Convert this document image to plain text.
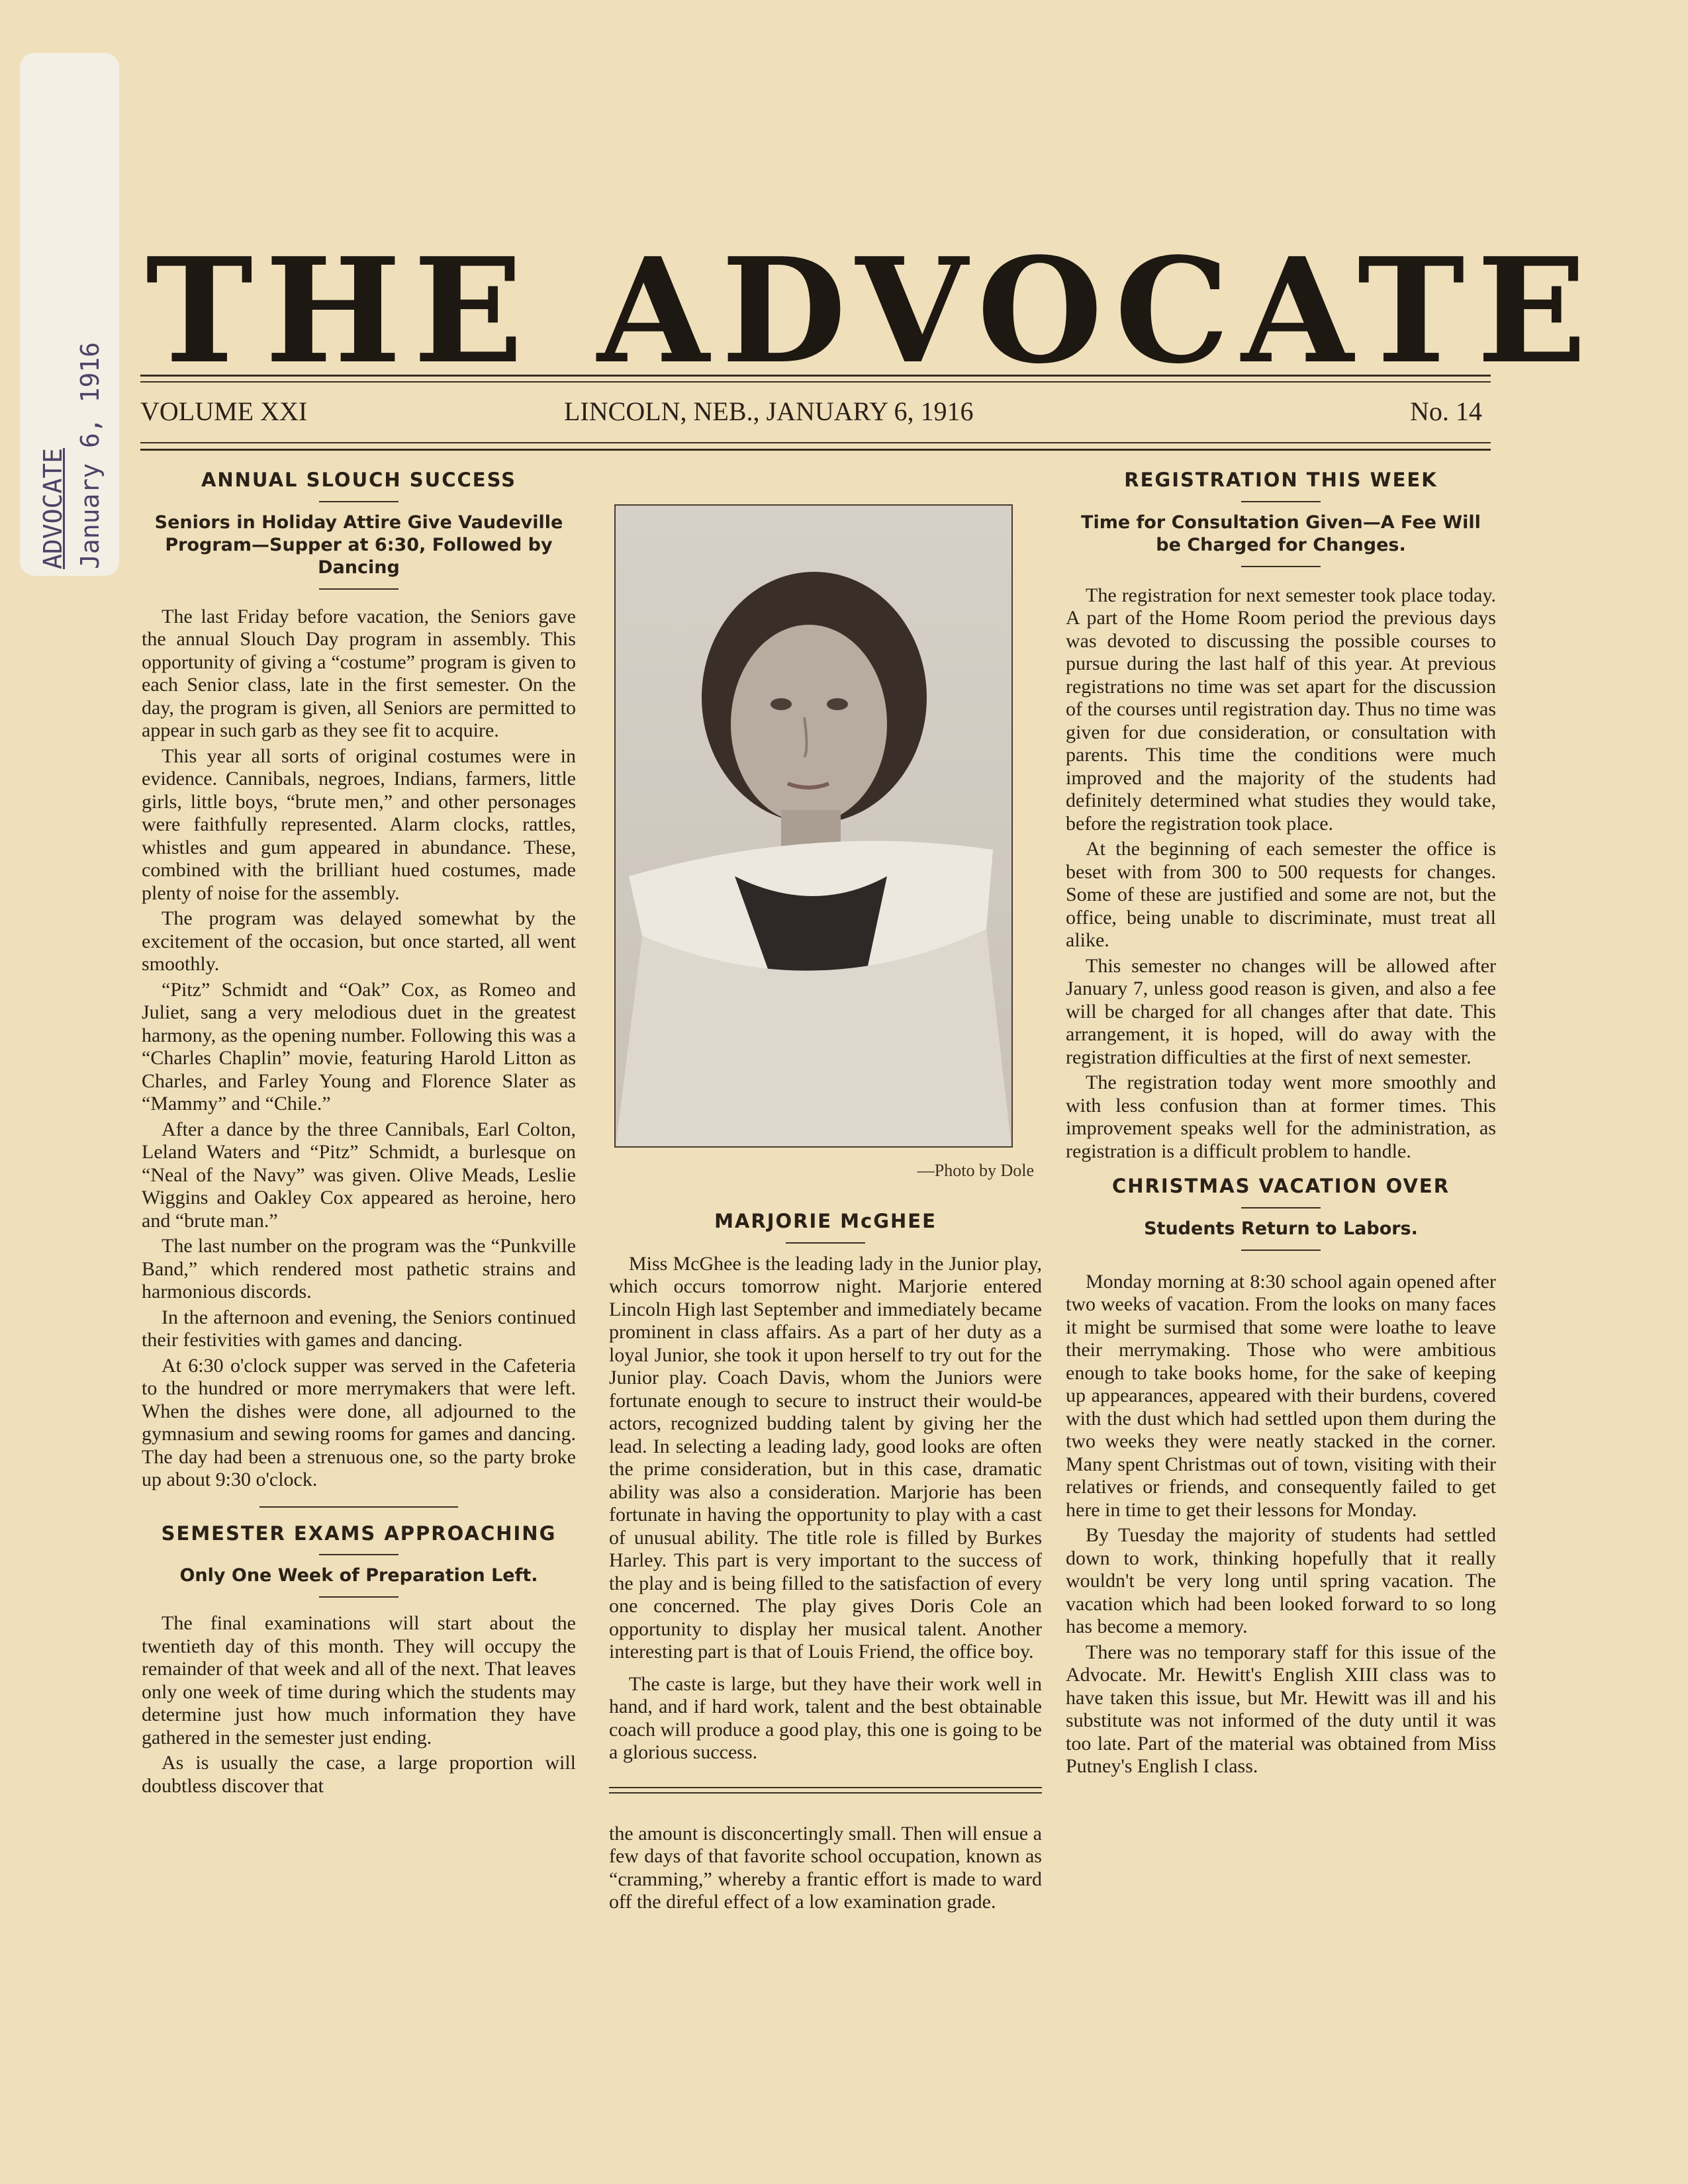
ADVOCATE January 6, 1916
THE ADVOCATE
VOLUME XXI	LINCOLN, NEB., JANUARY 6, 1916	No. 14
ANNUAL SLOUCH SUCCESS
Seniors in Holiday Attire Give Vaudeville Program—Supper at 6:30, Followed by Dancing

The last Friday before vacation, the Seniors gave the annual Slouch Day program in assembly. This opportunity of giving a “costume” program is given to each Senior class, late in the first semester. On the day, the program is given, all Seniors are permitted to appear in such garb as they see fit to acquire.

This year all sorts of original costumes were in evidence. Cannibals, negroes, Indians, farmers, little girls, little boys, “brute men,” and other personages were faithfully represented. Alarm clocks, rattles, whistles and gum appeared in abundance. These, combined with the brilliant hued costumes, made plenty of noise for the assembly.

The program was delayed somewhat by the excitement of the occasion, but once started, all went smoothly.

“Pitz” Schmidt and “Oak” Cox, as Romeo and Juliet, sang a very melodious duet in the greatest harmony, as the opening number. Following this was a “Charles Chaplin” movie, featuring Harold Litton as Charles, and Farley Young and Florence Slater as “Mammy” and “Chile.”

After a dance by the three Cannibals, Earl Colton, Leland Waters and “Pitz” Schmidt, a burlesque on “Neal of the Navy” was given. Olive Meads, Leslie Wiggins and Oakley Cox appeared as heroine, hero and “brute man.”

The last number on the program was the “Punkville Band,” which rendered most pathetic strains and harmonious discords.

In the afternoon and evening, the Seniors continued their festivities with games and dancing.

At 6:30 o'clock supper was served in the Cafeteria to the hundred or more merrymakers that were left. When the dishes were done, all adjourned to the gymnasium and sewing rooms for games and dancing. The day had been a strenuous one, so the party broke up about 9:30 o'clock.

SEMESTER EXAMS APPROACHING
Only One Week of Preparation Left.

The final examinations will start about the twentieth day of this month. They will occupy the remainder of that week and all of the next. That leaves only one week of time during which the students may determine just how much information they have gathered in the semester just ending.

As is usually the case, a large proportion will doubtless discover that

—Photo by Dole
MARJORIE McGHEE

Miss McGhee is the leading lady in the Junior play, which occurs tomorrow night. Marjorie entered Lincoln High last September and immediately became prominent in class affairs. As a part of her duty as a loyal Junior, she took it upon herself to try out for the Junior play. Coach Davis, whom the Juniors were fortunate enough to secure to instruct their would-be actors, recognized budding talent by giving her the lead. In selecting a leading lady, good looks are often the prime consideration, but in this case, dramatic ability was also a consideration. Marjorie has been fortunate in having the opportunity to play with a cast of unusual ability. The title role is filled by Burkes Harley. This part is very important to the success of the play and is being filled to the satisfaction of every one concerned. The play gives Doris Cole an opportunity to display her musical talent. Another interesting part is that of Louis Friend, the office boy.

The caste is large, but they have their work well in hand, and if hard work, talent and the best obtainable coach will produce a good play, this one is going to be a glorious success.

the amount is disconcertingly small. Then will ensue a few days of that favorite school occupation, known as “cramming,” whereby a frantic effort is made to ward off the direful effect of a low examination grade.

REGISTRATION THIS WEEK
Time for Consultation Given—A Fee Will be Charged for Changes.

The registration for next semester took place today. A part of the Home Room period the previous days was devoted to discussing the possible courses to pursue during the last half of this year. At previous registrations no time was set apart for the discussion of the courses until registration day. Thus no time was given for due consideration, or consultation with parents. This time the conditions were much improved and the majority of the students had definitely determined what studies they would take, before the registration took place.

At the beginning of each semester the office is beset with from 300 to 500 requests for changes. Some of these are justified and some are not, but the office, being unable to discriminate, must treat all alike.

This semester no changes will be allowed after January 7, unless good reason is given, and also a fee will be charged for all changes after that date. This arrangement, it is hoped, will do away with the registration difficulties at the first of next semester.

The registration today went more smoothly and with less confusion than at former times. This improvement speaks well for the administration, as registration is a difficult problem to handle.

CHRISTMAS VACATION OVER
Students Return to Labors.

Monday morning at 8:30 school again opened after two weeks of vacation. From the looks on many faces it might be surmised that some were loathe to leave their merrymaking. Those who were ambitious enough to take books home, for the sake of keeping up appearances, appeared with their burdens, covered with the dust which had settled upon them during the two weeks they were neatly stacked in the corner. Many spent Christmas out of town, visiting with their relatives or friends, and consequently failed to get here in time to get their lessons for Monday.

By Tuesday the majority of students had settled down to work, thinking hopefully that it really wouldn't be very long until spring vacation. The vacation which had been looked forward to so long has become a memory.

There was no temporary staff for this issue of the Advocate. Mr. Hewitt's English XIII class was to have taken this issue, but Mr. Hewitt was ill and his substitute was not informed of the duty until it was too late. Part of the material was obtained from Miss Putney's English I class.
